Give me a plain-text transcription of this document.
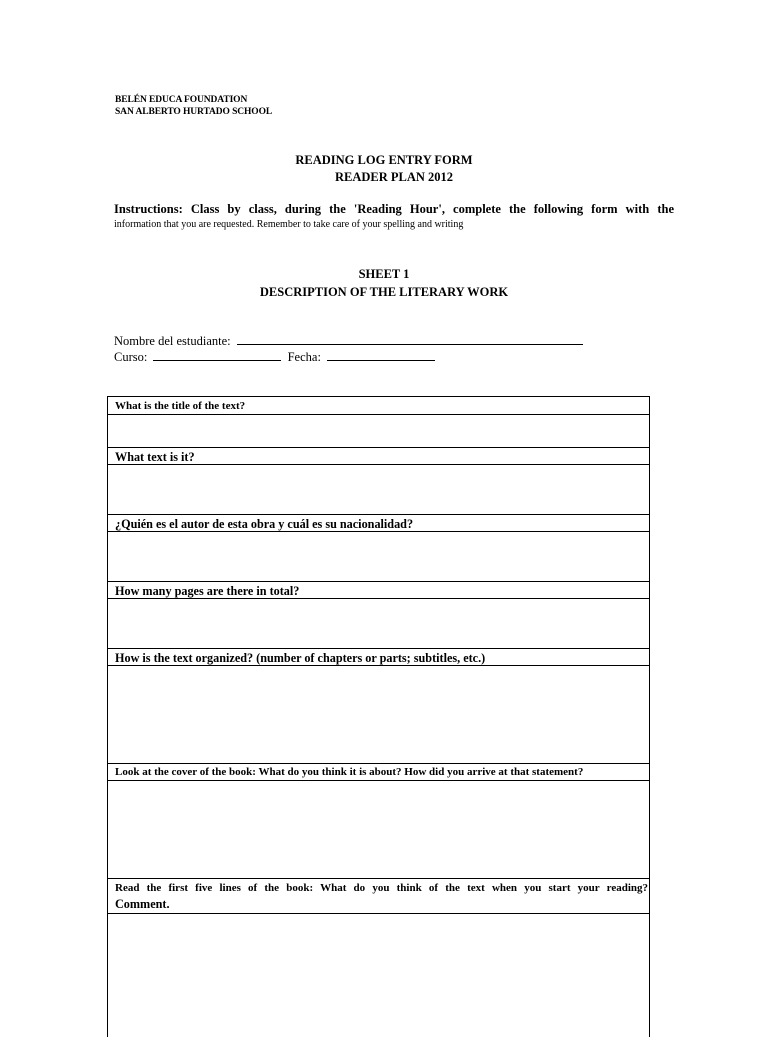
BELÉN EDUCA FOUNDATION
SAN ALBERTO HURTADO SCHOOL
READING LOG ENTRY FORM
READER PLAN 2012
Instructions: Class by class, during the 'Reading Hour', complete the following form with the
information that you are requested. Remember to take care of your spelling and writing
SHEET 1
DESCRIPTION OF THE LITERARY WORK
Nombre del estudiante:
Curso:	Fecha:
What is the title of the text?
What text is it?
¿Quién es el autor de esta obra y cuál es su nacionalidad?
How many pages are there in total?
How is the text organized? (number of chapters or parts; subtitles, etc.)
Look at the cover of the book: What do you think it is about? How did you arrive at that statement?
Read the first five lines of the book: What do you think of the text when you start your reading?
Comment.
